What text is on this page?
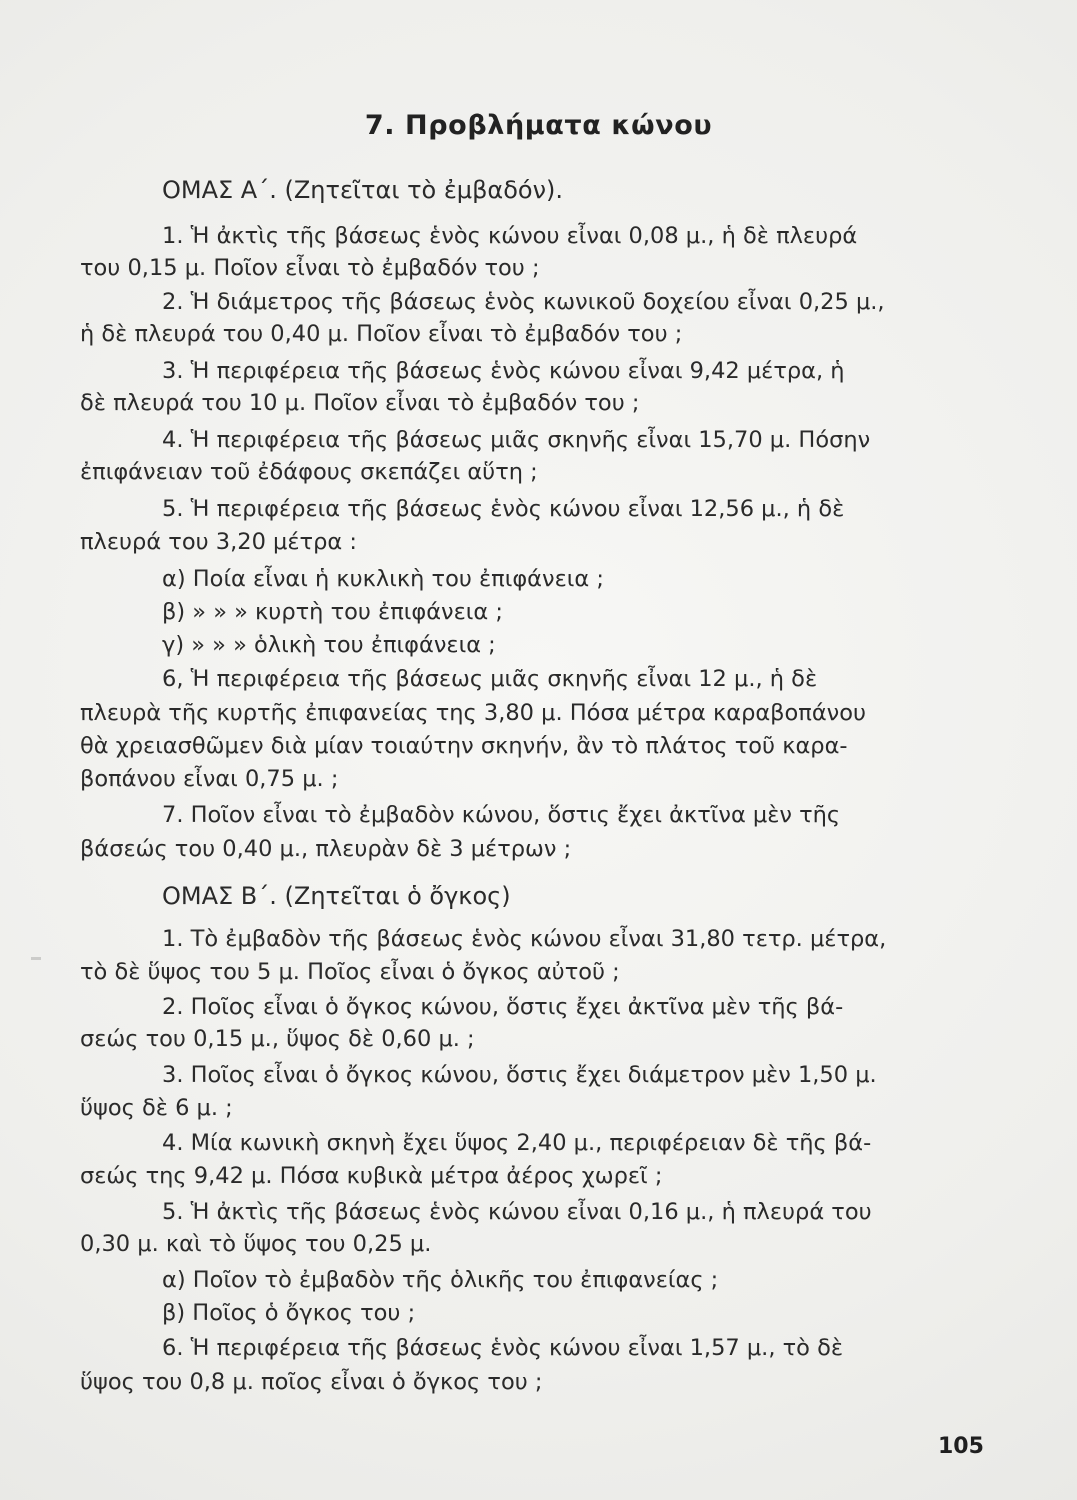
7. Προβλήματα κώνου
ΟΜΑΣ Α΄. (Ζητεῖται τὸ ἐμβαδόν).
1. Ἡ ἀκτὶς τῆς βάσεως ἑνὸς κώνου εἶναι 0,08 μ., ἡ δὲ πλευρά
του 0,15 μ. Ποῖον εἶναι τὸ ἐμβαδόν του ;
2. Ἡ διάμετρος τῆς βάσεως ἑνὸς κωνικοῦ δοχείου εἶναι 0,25 μ.,
ἡ δὲ πλευρά του 0,40 μ. Ποῖον εἶναι τὸ ἐμβαδόν του ;
3. Ἡ περιφέρεια τῆς βάσεως ἑνὸς κώνου εἶναι 9,42 μέτρα, ἡ
δὲ πλευρά του 10 μ. Ποῖον εἶναι τὸ ἐμβαδόν του ;
4. Ἡ περιφέρεια τῆς βάσεως μιᾶς σκηνῆς εἶναι 15,70 μ. Πόσην
ἐπιφάνειαν τοῦ ἐδάφους σκεπάζει αὕτη ;
5. Ἡ περιφέρεια τῆς βάσεως ἑνὸς κώνου εἶναι 12,56 μ., ἡ δὲ
πλευρά του 3,20 μέτρα :
α) Ποία εἶναι ἡ κυκλικὴ του ἐπιφάνεια ;
β) » » » κυρτὴ του ἐπιφάνεια ;
γ) » » » ὁλικὴ του ἐπιφάνεια ;
6, Ἡ περιφέρεια τῆς βάσεως μιᾶς σκηνῆς εἶναι 12 μ., ἡ δὲ
πλευρὰ τῆς κυρτῆς ἐπιφανείας της 3,80 μ. Πόσα μέτρα καραβοπάνου
θὰ χρειασθῶμεν διὰ μίαν τοιαύτην σκηνήν, ἂν τὸ πλάτος τοῦ καρα-
βοπάνου εἶναι 0,75 μ. ;
7. Ποῖον εἶναι τὸ ἐμβαδὸν κώνου, ὅστις ἔχει ἀκτῖνα μὲν τῆς
βάσεώς του 0,40 μ., πλευρὰν δὲ 3 μέτρων ;
ΟΜΑΣ Β΄. (Ζητεῖται ὁ ὄγκος)
1. Τὸ ἐμβαδὸν τῆς βάσεως ἑνὸς κώνου εἶναι 31,80 τετρ. μέτρα,
τὸ δὲ ὕψος του 5 μ. Ποῖος εἶναι ὁ ὄγκος αὐτοῦ ;
2. Ποῖος εἶναι ὁ ὄγκος κώνου, ὅστις ἔχει ἀκτῖνα μὲν τῆς βά-
σεώς του 0,15 μ., ὕψος δὲ 0,60 μ. ;
3. Ποῖος εἶναι ὁ ὄγκος κώνου, ὅστις ἔχει διάμετρον μὲν 1,50 μ.
ὕψος δὲ 6 μ. ;
4. Μία κωνικὴ σκηνὴ ἔχει ὕψος 2,40 μ., περιφέρειαν δὲ τῆς βά-
σεώς της 9,42 μ. Πόσα κυβικὰ μέτρα ἀέρος χωρεῖ ;
5. Ἡ ἀκτὶς τῆς βάσεως ἑνὸς κώνου εἶναι 0,16 μ., ἡ πλευρά του
0,30 μ. καὶ τὸ ὕψος του 0,25 μ.
α) Ποῖον τὸ ἐμβαδὸν τῆς ὁλικῆς του ἐπιφανείας ;
β) Ποῖος ὁ ὄγκος του ;
6. Ἡ περιφέρεια τῆς βάσεως ἑνὸς κώνου εἶναι 1,57 μ., τὸ δὲ
ὕψος του 0,8 μ. ποῖος εἶναι ὁ ὄγκος του ;
105
